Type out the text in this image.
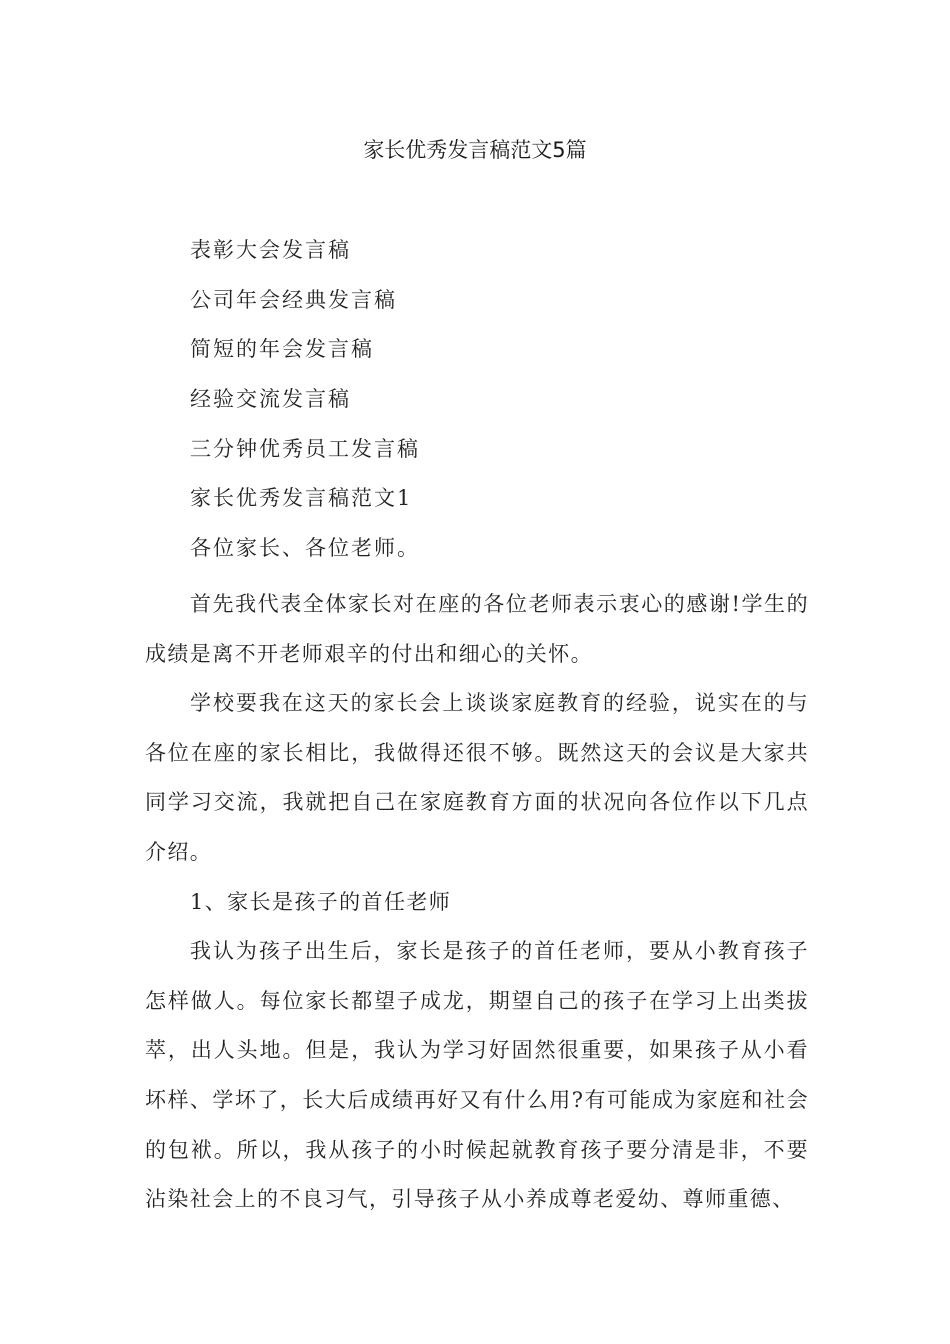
家长优秀发言稿范文5篇
表彰大会发言稿
公司年会经典发言稿
简短的年会发言稿
经验交流发言稿
三分钟优秀员工发言稿
家长优秀发言稿范文1
各位家长、各位老师。

首先我代表全体家长对在座的各位老师表示衷心的感谢!学生的成绩是离不开老师艰辛的付出和细心的关怀。

学校要我在这天的家长会上谈谈家庭教育的经验，说实在的与各位在座的家长相比，我做得还很不够。既然这天的会议是大家共同学习交流，我就把自己在家庭教育方面的状况向各位作以下几点介绍。

1、家长是孩子的首任老师

我认为孩子出生后，家长是孩子的首任老师，要从小教育孩子怎样做人。每位家长都望子成龙，期望自己的孩子在学习上出类拔萃，出人头地。但是，我认为学习好固然很重要，如果孩子从小看坏样、学坏了，长大后成绩再好又有什么用?有可能成为家庭和社会的包袱。所以，我从孩子的小时候起就教育孩子要分清是非，不要沾染社会上的不良习气，引导孩子从小养成尊老爱幼、尊师重德、
